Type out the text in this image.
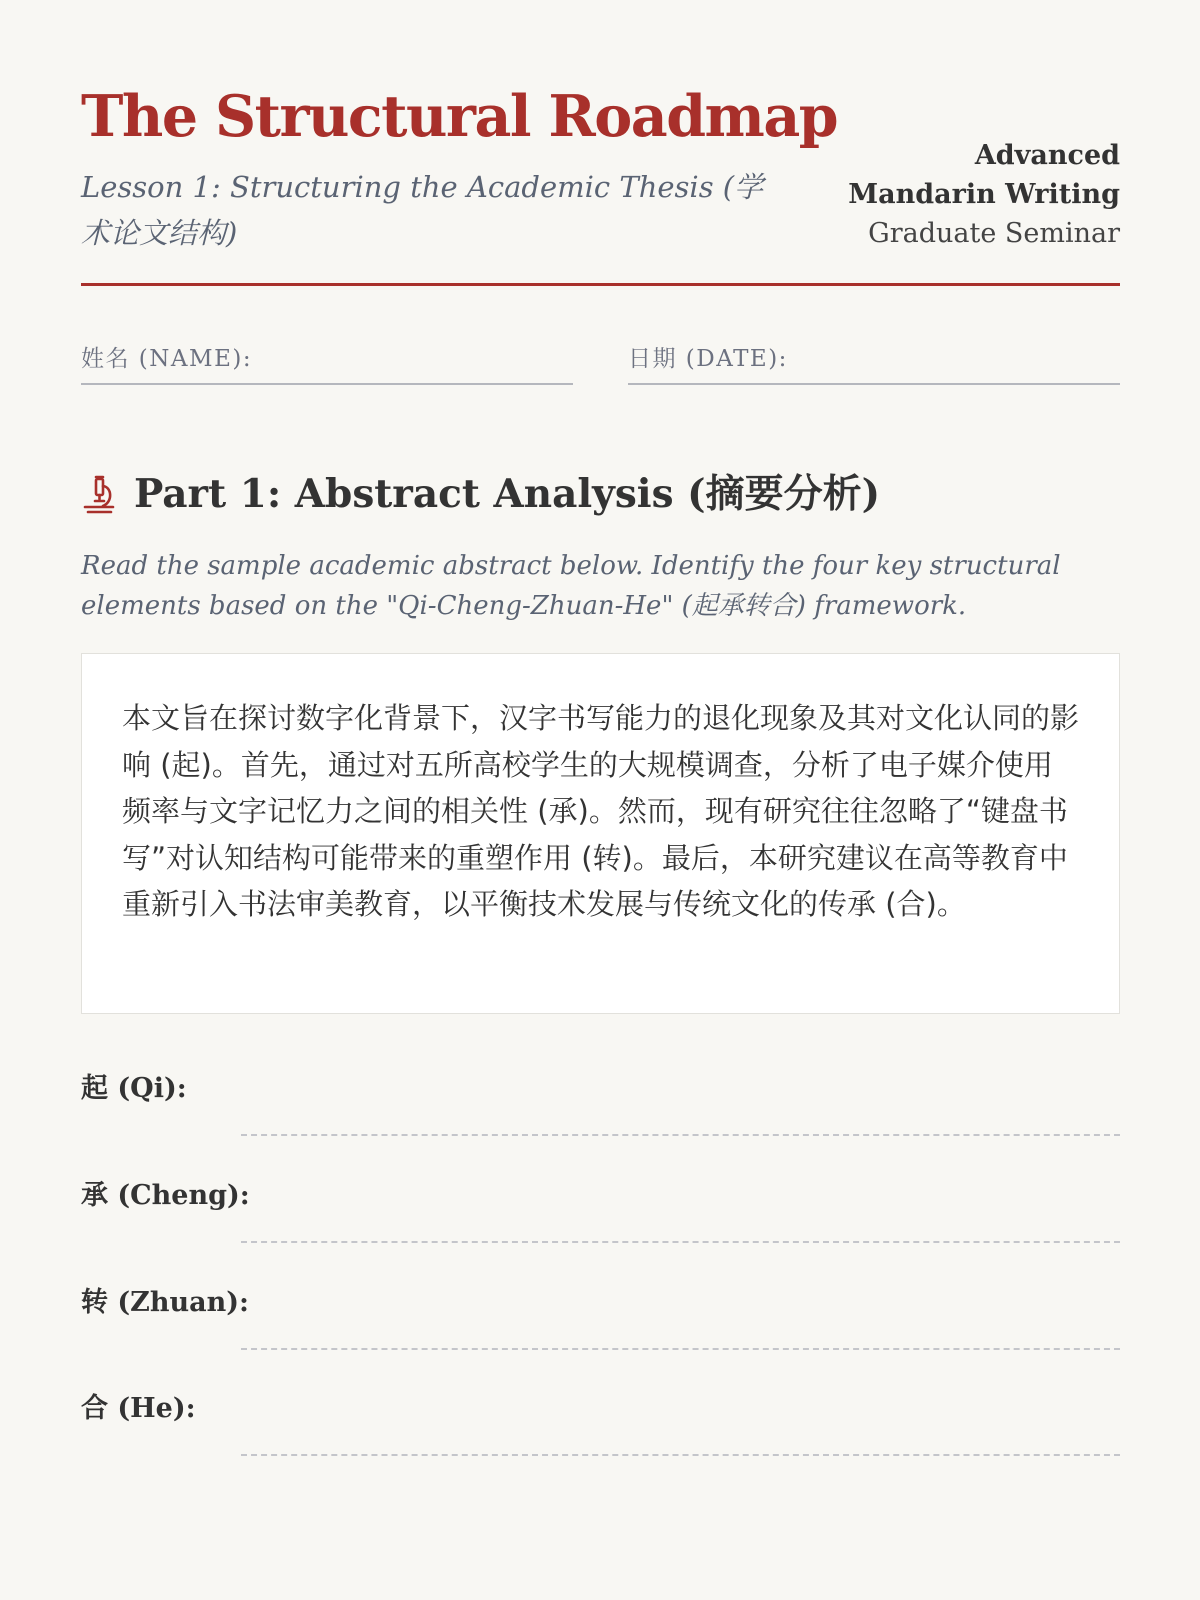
The Structural Roadmap

Lesson 1: Structuring the Academic Thesis (学术论文结构)

Advanced Mandarin Writing
Graduate Seminar
姓名 (NAME):	日期 (DATE):
Part 1: Abstract Analysis (摘要分析)

Read the sample academic abstract below. Identify the four key structural elements based on the "Qi-Cheng-Zhuan-He" (起承转合) framework.

本文旨在探讨数字化背景下，汉字书写能力的退化现象及其对文化认同的影响 (起)。首先，通过对五所高校学生的大规模调查，分析了电子媒介使用频率与文字记忆力之间的相关性 (承)。然而，现有研究往往忽略了“键盘书写”对认知结构可能带来的重塑作用 (转)。最后，本研究建议在高等教育中重新引入书法审美教育，以平衡技术发展与传统文化的传承 (合)。

起 (Qi):
承 (Cheng):
转 (Zhuan):
合 (He):
